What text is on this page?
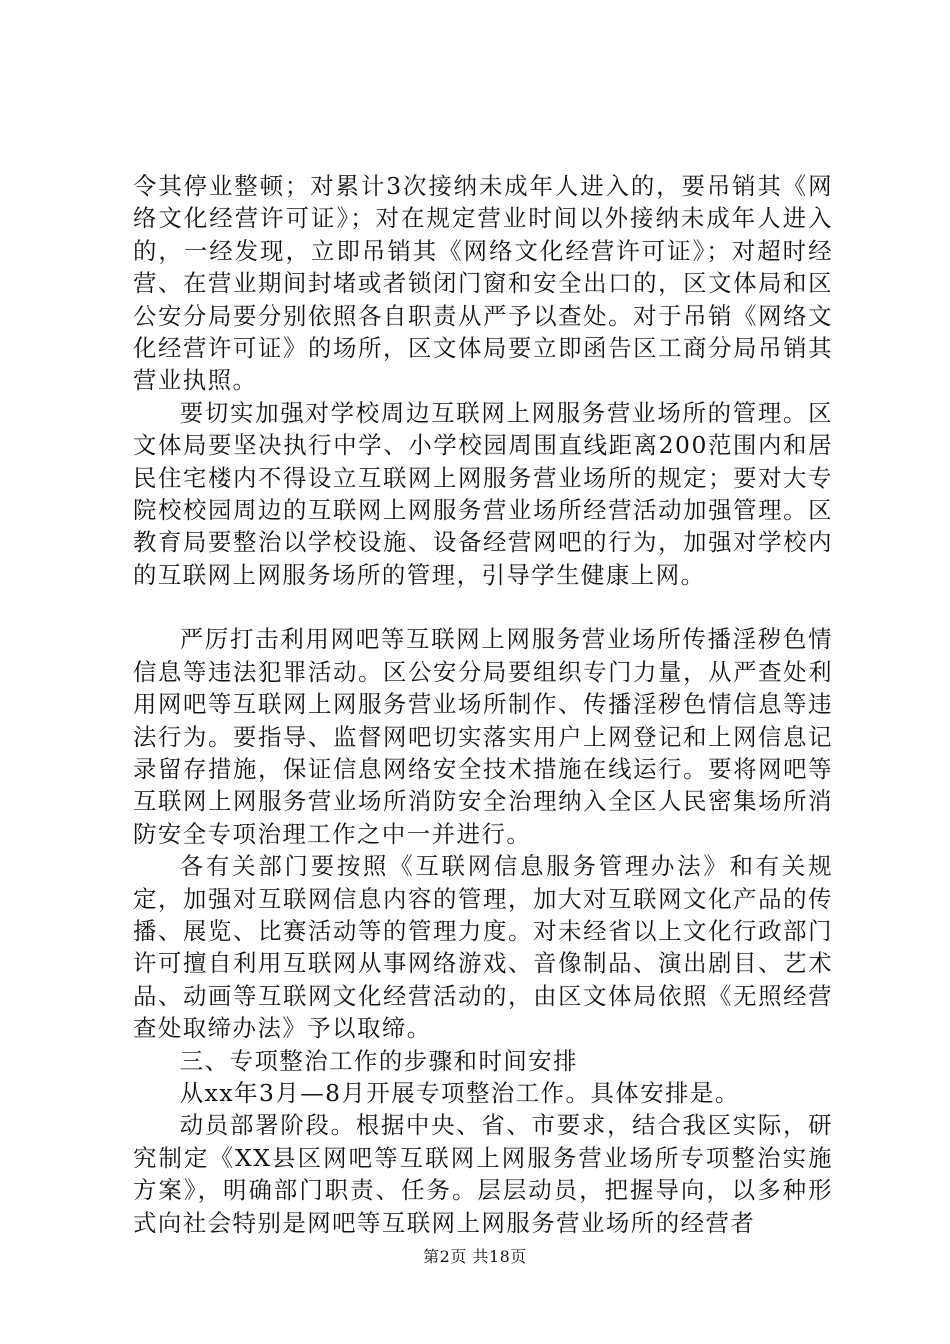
令其停业整顿；对累计3次接纳未成年人进入的，要吊销其《网络文化经营许可证》；对在规定营业时间以外接纳未成年人进入的，一经发现，立即吊销其《网络文化经营许可证》；对超时经营、在营业期间封堵或者锁闭门窗和安全出口的，区文体局和区公安分局要分别依照各自职责从严予以查处。对于吊销《网络文化经营许可证》的场所，区文体局要立即函告区工商分局吊销其营业执照。

要切实加强对学校周边互联网上网服务营业场所的管理。区文体局要坚决执行中学、小学校园周围直线距离200范围内和居民住宅楼内不得设立互联网上网服务营业场所的规定；要对大专院校校园周边的互联网上网服务营业场所经营活动加强管理。区教育局要整治以学校设施、设备经营网吧的行为，加强对学校内的互联网上网服务场所的管理，引导学生健康上网。

严厉打击利用网吧等互联网上网服务营业场所传播淫秽色情信息等违法犯罪活动。区公安分局要组织专门力量，从严查处利用网吧等互联网上网服务营业场所制作、传播淫秽色情信息等违法行为。要指导、监督网吧切实落实用户上网登记和上网信息记录留存措施，保证信息网络安全技术措施在线运行。要将网吧等互联网上网服务营业场所消防安全治理纳入全区人民密集场所消防安全专项治理工作之中一并进行。

各有关部门要按照《互联网信息服务管理办法》和有关规定，加强对互联网信息内容的管理，加大对互联网文化产品的传播、展览、比赛活动等的管理力度。对未经省以上文化行政部门许可擅自利用互联网从事网络游戏、音像制品、演出剧目、艺术品、动画等互联网文化经营活动的，由区文体局依照《无照经营查处取缔办法》予以取缔。

三、专项整治工作的步骤和时间安排

从xx年3月—8月开展专项整治工作。具体安排是。

动员部署阶段。根据中央、省、市要求，结合我区实际，研究制定《XX县区网吧等互联网上网服务营业场所专项整治实施方案》，明确部门职责、任务。层层动员，把握导向，以多种形式向社会特别是网吧等互联网上网服务营业场所的经营者

第2页 共18页
